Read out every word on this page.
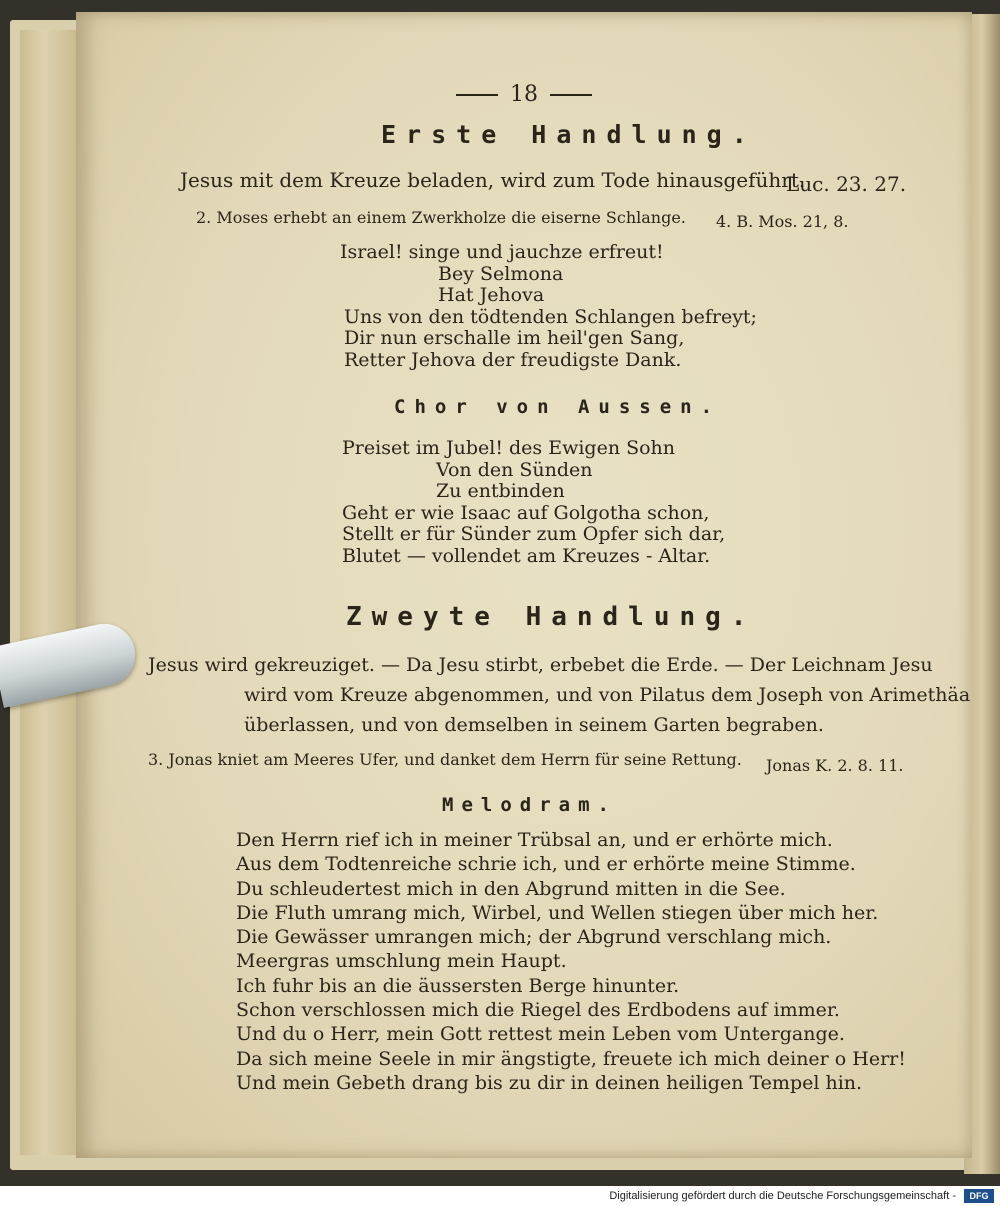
18
Erste Handlung.
Jesus mit dem Kreuze beladen, wird zum Tode hinausgeführt.
Luc. 23. 27.
2. Moses erhebt an einem Zwerkholze die eiserne Schlange. 4. B. Mos. 21, 8.
Israel! singe und jauchze erfreut!
Bey Selmona
Hat Jehova
Uns von den tödtenden Schlangen befreyt;
Dir nun erschalle im heil'gen Sang,
Retter Jehova der freudigste Dank.
Chor von Aussen.
Preiset im Jubel! des Ewigen Sohn
Von den Sünden
Zu entbinden
Geht er wie Isaac auf Golgotha schon,
Stellt er für Sünder zum Opfer sich dar,
Blutet — vollendet am Kreuzes - Altar.
Zweyte Handlung.
Jesus wird gekreuziget. — Da Jesu stirbt, erbebet die Erde. — Der Leichnam Jesu
wird vom Kreuze abgenommen, und von Pilatus dem Joseph von Arimethäa
überlassen, und von demselben in seinem Garten begraben.
3. Jonas kniet am Meeres Ufer, und danket dem Herrn für seine Rettung. Jonas K. 2. 8. 11.
Melodram.
Den Herrn rief ich in meiner Trübsal an, und er erhörte mich.
Aus dem Todtenreiche schrie ich, und er erhörte meine Stimme.
Du schleudertest mich in den Abgrund mitten in die See.
Die Fluth umrang mich, Wirbel, und Wellen stiegen über mich her.
Die Gewässer umrangen mich; der Abgrund verschlang mich.
Meergras umschlung mein Haupt.
Ich fuhr bis an die äussersten Berge hinunter.
Schon verschlossen mich die Riegel des Erdbodens auf immer.
Und du o Herr, mein Gott rettest mein Leben vom Untergange.
Da sich meine Seele in mir ängstigte, freuete ich mich deiner o Herr!
Und mein Gebeth drang bis zu dir in deinen heiligen Tempel hin.
Digitalisierung gefördert durch die Deutsche Forschungsgemeinschaft -	DFG
